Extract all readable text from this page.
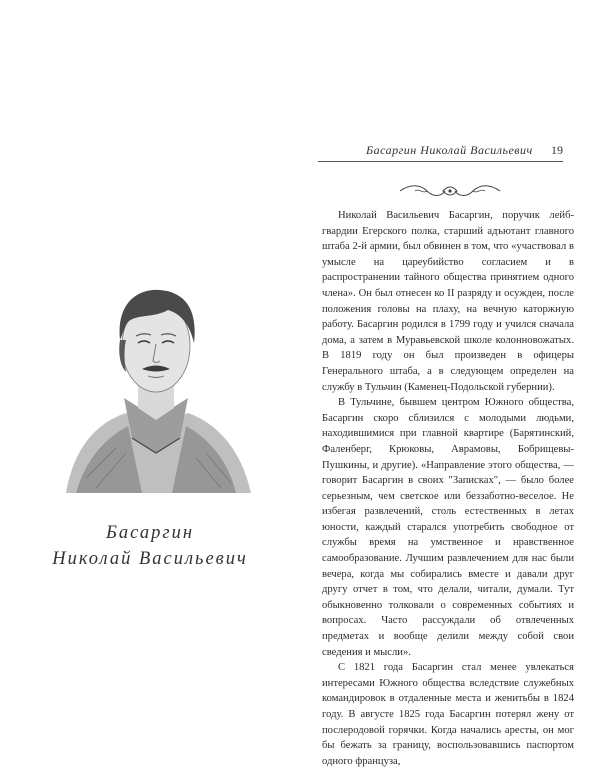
Басаргин
Николай Васильевич
Басаргин Николай Васильевич 19

Николай Васильевич Басаргин, поручик лейб-гвардии Егерского полка, старший адъютант главного штаба 2-й армии, был обвинен в том, что «участвовал в умысле на цареубийство согласием и в распространении тайного общества принятием одного члена». Он был отнесен ко II разряду и осужден, после положения головы на плаху, на вечную каторжную работу. Басаргин родился в 1799 году и учился сначала дома, а затем в Муравьевской школе колонновожатых. В 1819 году он был произведен в офицеры Генерального штаба, а в следующем определен на службу в Тульчин (Каменец-Подольской губернии).

В Тульчине, бывшем центром Южного общества, Басаргин скоро сблизился с молодыми людьми, находившимися при главной квартире (Барятинский, Фаленберг, Крюковы, Аврамовы, Бобрищевы-Пушкины, и другие). «Направление этого общества, — говорит Басаргин в своих "Записках", — было более серьезным, чем светское или беззаботно-веселое. Не избегая развлечений, столь естественных в летах юности, каждый старался употребить свободное от службы время на умственное и нравственное самообразование. Лучшим развлечением для нас были вечера, когда мы собирались вместе и давали друг другу отчет в том, что делали, читали, думали. Тут обыкновенно толковали о современных событиях и вопросах. Часто рассуждали об отвлеченных предметах и вообще делили между собой свои сведения и мысли».

С 1821 года Басаргин стал менее увлекаться интересами Южного общества вследствие служебных командировок в отдаленные места и женитьбы в 1824 году. В августе 1825 года Басаргин потерял жену от послеродовой горячки. Когда начались аресты, он мог бы бежать за границу, воспользовавшись паспортом одного француза,
